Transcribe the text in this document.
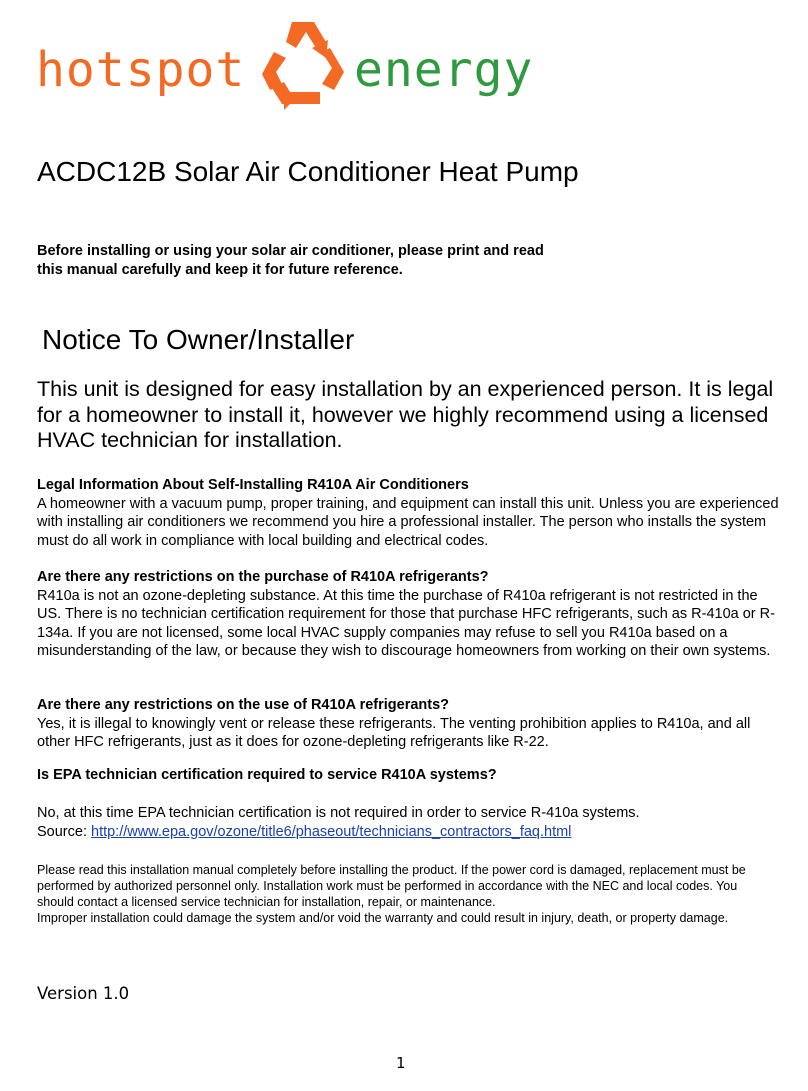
hotspot energy
ACDC12B Solar Air Conditioner Heat Pump
Before installing or using your solar air conditioner, please print and read
this manual carefully and keep it for future reference.
Notice To Owner/Installer
This unit is designed for easy installation by an experienced person. It is legal for a homeowner to install it, however we highly recommend using a licensed HVAC technician for installation.
Legal Information About Self-Installing R410A Air Conditioners
A homeowner with a vacuum pump, proper training, and equipment can install this unit. Unless you are experienced with installing air conditioners we recommend you hire a professional installer. The person who installs the system must do all work in compliance with local building and electrical codes.
Are there any restrictions on the purchase of R410A refrigerants?
R410a is not an ozone-depleting substance. At this time the purchase of R410a refrigerant is not restricted in the US. There is no technician certification requirement for those that purchase HFC refrigerants, such as R-410a or R-134a. If you are not licensed, some local HVAC supply companies may refuse to sell you R410a based on a misunderstanding of the law, or because they wish to discourage homeowners from working on their own systems.
Are there any restrictions on the use of R410A refrigerants?
Yes, it is illegal to knowingly vent or release these refrigerants. The venting prohibition applies to R410a, and all other HFC refrigerants, just as it does for ozone-depleting refrigerants like R-22.
Is EPA technician certification required to service R410A systems?
No, at this time EPA technician certification is not required in order to service R-410a systems.
Source: http://www.epa.gov/ozone/title6/phaseout/technicians_contractors_faq.html
Please read this installation manual completely before installing the product. If the power cord is damaged, replacement must be performed by authorized personnel only. Installation work must be performed in accordance with the NEC and local codes. You should contact a licensed service technician for installation, repair, or maintenance.
Improper installation could damage the system and/or void the warranty and could result in injury, death, or property damage.
Version 1.0
1
